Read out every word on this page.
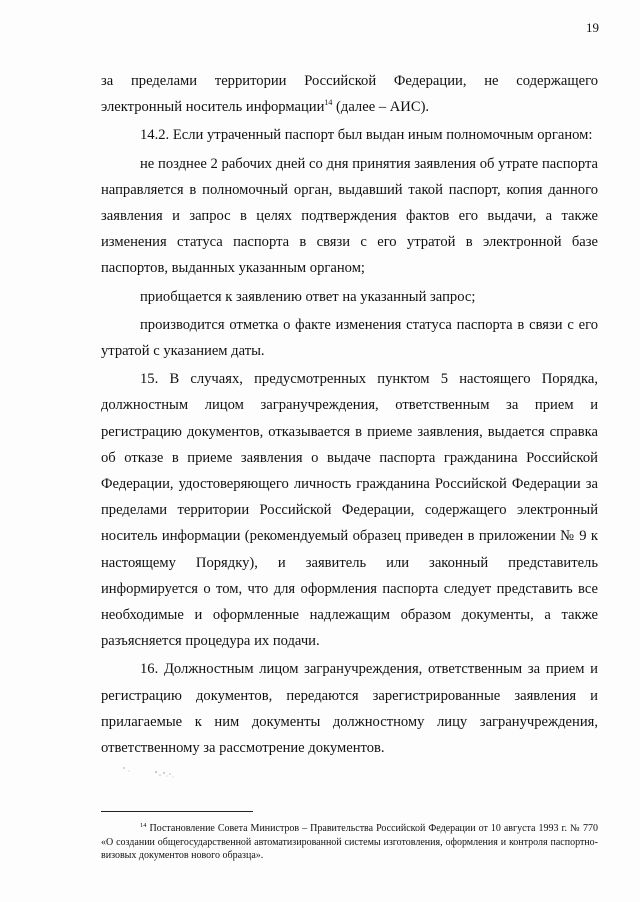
19

за пределами территории Российской Федерации, не содержащего электронный носитель информации$^{14}$ (далее – АИС).

14.2. Если утраченный паспорт был выдан иным полномочным органом:

не позднее 2 рабочих дней со дня принятия заявления об утрате паспорта направляется в полномочный орган, выдавший такой паспорт, копия данного заявления и запрос в целях подтверждения фактов его выдачи, а также изменения статуса паспорта в связи с его утратой в электронной базе паспортов, выданных указанным органом;

приобщается к заявлению ответ на указанный запрос;

производится отметка о факте изменения статуса паспорта в связи с его утратой с указанием даты.

15. В случаях, предусмотренных пунктом 5 настоящего Порядка, должностным лицом загранучреждения, ответственным за прием и регистрацию документов, отказывается в приеме заявления, выдается справка об отказе в приеме заявления о выдаче паспорта гражданина Российской Федерации, удостоверяющего личность гражданина Российской Федерации за пределами территории Российской Федерации, содержащего электронный носитель информации (рекомендуемый образец приведен в приложении № 9 к настоящему Порядку), и заявитель или законный представитель информируется о том, что для оформления паспорта следует представить все необходимые и оформленные надлежащим образом документы, а также разъясняется процедура их подачи.

16. Должностным лицом загранучреждения, ответственным за прием и регистрацию документов, передаются зарегистрированные заявления и прилагаемые к ним документы должностному лицу загранучреждения, ответственному за рассмотрение документов.

$^{14}$ Постановление Совета Министров – Правительства Российской Федерации от 10 августа 1993 г. № 770 «О создании общегосударственной автоматизированной системы изготовления, оформления и контроля паспортно-визовых документов нового образца».
